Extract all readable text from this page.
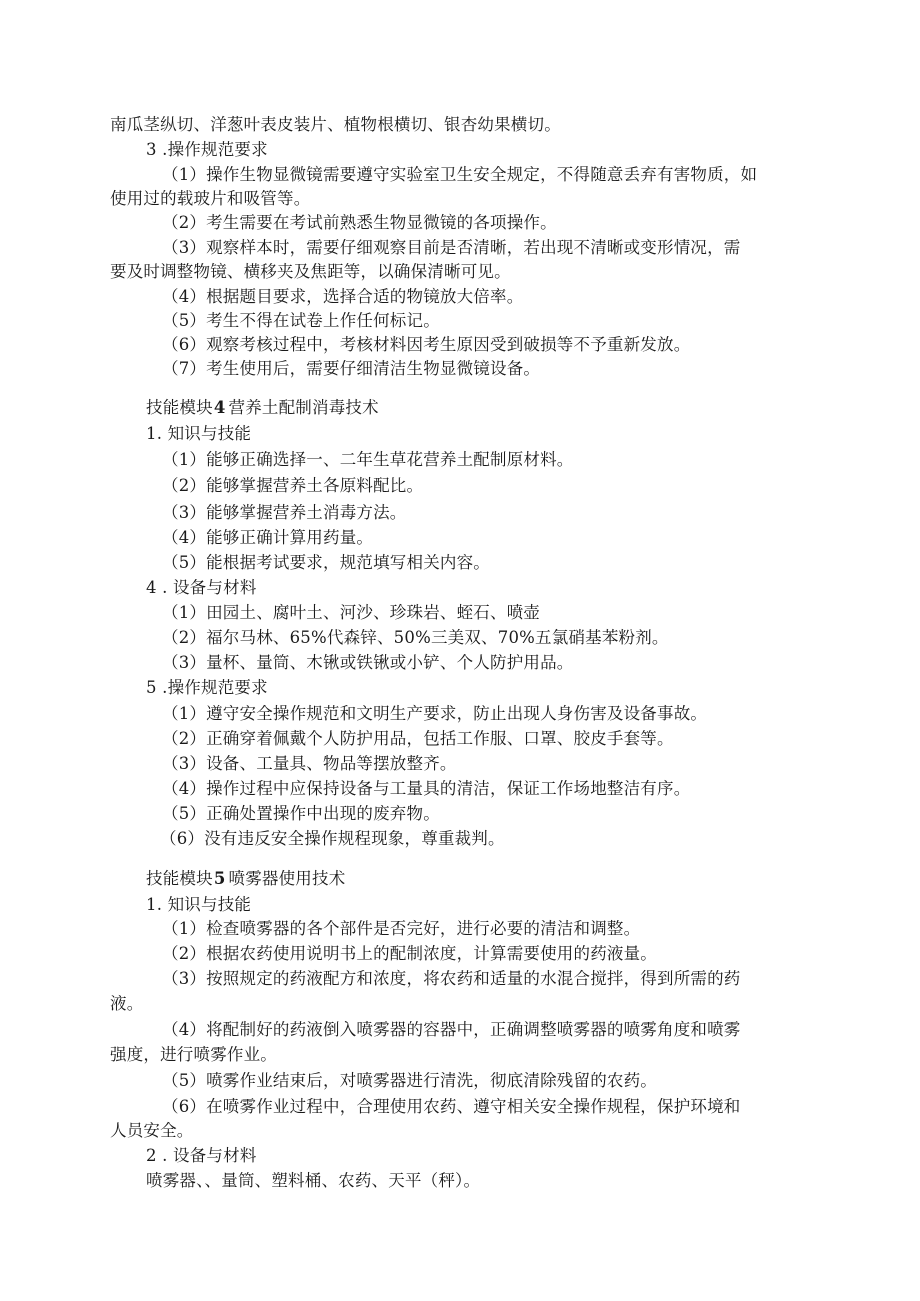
南瓜茎纵切、洋葱叶表皮装片、植物根横切、银杏幼果横切。
3 .操作规范要求
（1）操作生物显微镜需要遵守实验室卫生安全规定，不得随意丢弃有害物质，如
使用过的载玻片和吸管等。
（2）考生需要在考试前熟悉生物显微镜的各项操作。
（3）观察样本时，需要仔细观察目前是否清晰，若出现不清晰或变形情况，需
要及时调整物镜、横移夹及焦距等，以确保清晰可见。
（4）根据题目要求，选择合适的物镜放大倍率。
（5）考生不得在试卷上作任何标记。
（6）观察考核过程中，考核材料因考生原因受到破损等不予重新发放。
（7）考生使用后，需要仔细清洁生物显微镜设备。
技能模块4 营养土配制消毒技术
1. 知识与技能
（1）能够正确选择一、二年生草花营养土配制原材料。
（2）能够掌握营养土各原料配比。
（3）能够掌握营养土消毒方法。
（4）能够正确计算用药量。
（5）能根据考试要求，规范填写相关内容。
4 . 设备与材料
（1）田园土、腐叶土、河沙、珍珠岩、蛭石、喷壶
（2）福尔马林、65%代森锌、50%三美双、70%五氯硝基苯粉剂。
（3）量杯、量筒、木锹或铁锹或小铲、个人防护用品。
5 .操作规范要求
（1）遵守安全操作规范和文明生产要求，防止出现人身伤害及设备事故。
（2）正确穿着佩戴个人防护用品，包括工作服、口罩、胶皮手套等。
（3）设备、工量具、物品等摆放整齐。
（4）操作过程中应保持设备与工量具的清洁，保证工作场地整洁有序。
（5）正确处置操作中出现的废弃物。
（6）没有违反安全操作规程现象，尊重裁判。
技能模块5 喷雾器使用技术
1. 知识与技能
（1）检查喷雾器的各个部件是否完好，进行必要的清洁和调整。
（2）根据农药使用说明书上的配制浓度，计算需要使用的药液量。
（3）按照规定的药液配方和浓度，将农药和适量的水混合搅拌，得到所需的药
液。
（4）将配制好的药液倒入喷雾器的容器中，正确调整喷雾器的喷雾角度和喷雾
强度，进行喷雾作业。
（5）喷雾作业结束后，对喷雾器进行清洗，彻底清除残留的农药。
（6）在喷雾作业过程中，合理使用农药、遵守相关安全操作规程，保护环境和
人员安全。
2 . 设备与材料
喷雾器、、量筒、塑料桶、农药、天平（秤）。
